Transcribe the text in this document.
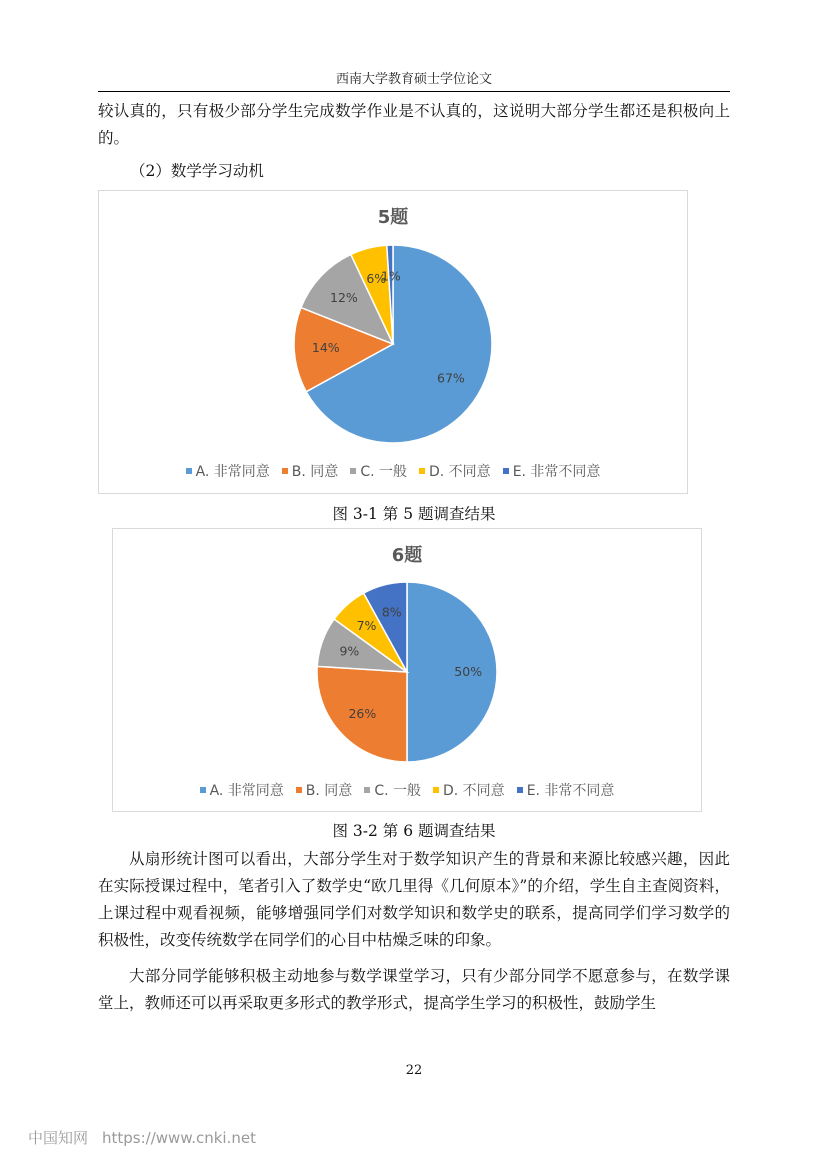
西南大学教育硕士学位论文

较认真的，只有极少部分学生完成数学作业是不认真的，这说明大部分学生都还是积极向上的。

（2）数学学习动机
5题
67%
14%
12%
6%
1%
A. 非常同意 B. 同意 C. 一般 D. 不同意 E. 非常不同意
图 3-1 第 5 题调查结果
6题
50%
26%
9%
7%
8%
A. 非常同意 B. 同意 C. 一般 D. 不同意 E. 非常不同意
图 3-2 第 6 题调查结果

从扇形统计图可以看出，大部分学生对于数学知识产生的背景和来源比较感兴趣，因此在实际授课过程中，笔者引入了数学史“欧几里得《几何原本》”的介绍，学生自主查阅资料，上课过程中观看视频，能够增强同学们对数学知识和数学史的联系，提高同学们学习数学的积极性，改变传统数学在同学们的心目中枯燥乏味的印象。

大部分同学能够积极主动地参与数学课堂学习，只有少部分同学不愿意参与，在数学课堂上，教师还可以再采取更多形式的教学形式，提高学生学习的积极性，鼓励学生

22
中国知网 https://www.cnki.net
